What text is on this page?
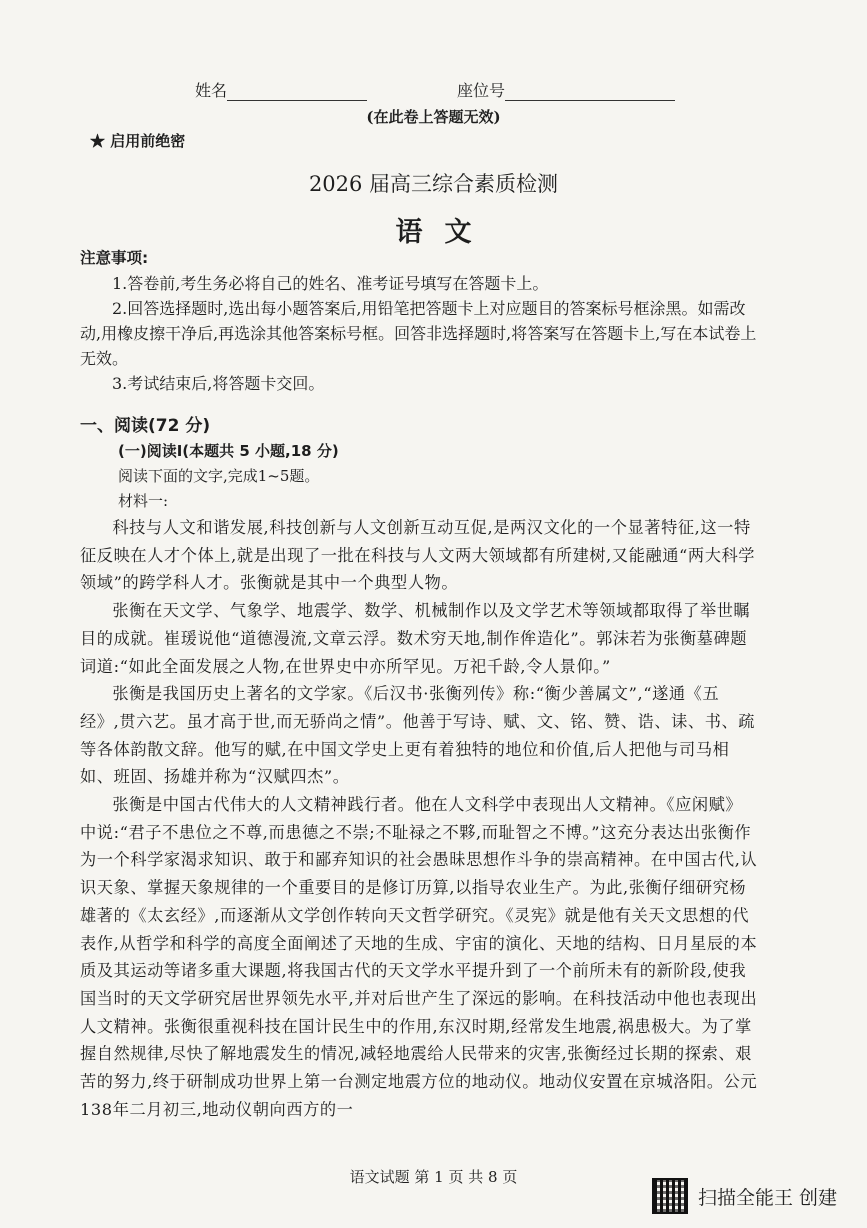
姓名	座位号
(在此卷上答题无效)
★ 启用前绝密
2026 届高三综合素质检测
语文

注意事项:

1.答卷前,考生务必将自己的姓名、准考证号填写在答题卡上。

2.回答选择题时,选出每小题答案后,用铅笔把答题卡上对应题目的答案标号框涂黑。如需改动,用橡皮擦干净后,再选涂其他答案标号框。回答非选择题时,将答案写在答题卡上,写在本试卷上无效。

3.考试结束后,将答题卡交回。

一、阅读(72 分)

(一)阅读Ⅰ(本题共 5 小题,18 分)

阅读下面的文字,完成1~5题。

材料一:

科技与人文和谐发展,科技创新与人文创新互动互促,是两汉文化的一个显著特征,这一特征反映在人才个体上,就是出现了一批在科技与人文两大领域都有所建树,又能融通“两大科学领域”的跨学科人才。张衡就是其中一个典型人物。

张衡在天文学、气象学、地震学、数学、机械制作以及文学艺术等领域都取得了举世瞩目的成就。崔瑗说他“道德漫流,文章云浮。数术穷天地,制作侔造化”。郭沫若为张衡墓碑题词道:“如此全面发展之人物,在世界史中亦所罕见。万祀千龄,令人景仰。”

张衡是我国历史上著名的文学家。《后汉书·张衡列传》称:“衡少善属文”,“遂通《五经》,贯六艺。虽才高于世,而无骄尚之情”。他善于写诗、赋、文、铭、赞、诰、诔、书、疏等各体韵散文辞。他写的赋,在中国文学史上更有着独特的地位和价值,后人把他与司马相如、班固、扬雄并称为“汉赋四杰”。

张衡是中国古代伟大的人文精神践行者。他在人文科学中表现出人文精神。《应闲赋》中说:“君子不患位之不尊,而患德之不崇;不耻禄之不夥,而耻智之不博。”这充分表达出张衡作为一个科学家渴求知识、敢于和鄙弃知识的社会愚昧思想作斗争的崇高精神。在中国古代,认识天象、掌握天象规律的一个重要目的是修订历算,以指导农业生产。为此,张衡仔细研究杨雄著的《太玄经》,而逐渐从文学创作转向天文哲学研究。《灵宪》就是他有关天文思想的代表作,从哲学和科学的高度全面阐述了天地的生成、宇宙的演化、天地的结构、日月星辰的本质及其运动等诸多重大课题,将我国古代的天文学水平提升到了一个前所未有的新阶段,使我国当时的天文学研究居世界领先水平,并对后世产生了深远的影响。在科技活动中他也表现出人文精神。张衡很重视科技在国计民生中的作用,东汉时期,经常发生地震,祸患极大。为了掌握自然规律,尽快了解地震发生的情况,减轻地震给人民带来的灾害,张衡经过长期的探索、艰苦的努力,终于研制成功世界上第一台测定地震方位的地动仪。地动仪安置在京城洛阳。公元138年二月初三,地动仪朝向西方的一

语文试题 第 1 页 共 8 页
扫描全能王 创建
